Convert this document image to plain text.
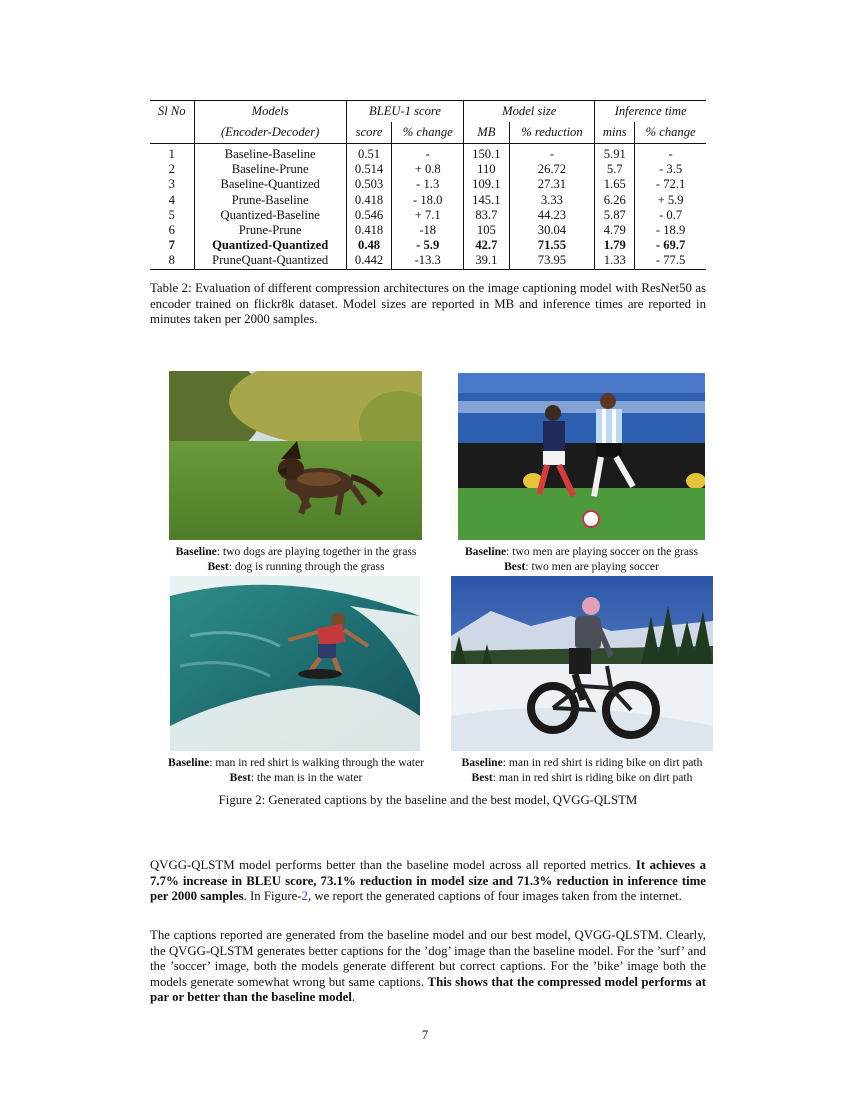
Sl No	Models	BLEU-1 score		Model size		Inference time	
	(Encoder-Decoder)	score	% change	MB	% reduction	mins	% change
1	Baseline-Baseline	0.51	-	150.1	-	5.91	-
2	Baseline-Prune	0.514	+ 0.8	110	26.72	5.7	- 3.5
3	Baseline-Quantized	0.503	- 1.3	109.1	27.31	1.65	- 72.1
4	Prune-Baseline	0.418	- 18.0	145.1	3.33	6.26	+ 5.9
5	Quantized-Baseline	0.546	+ 7.1	83.7	44.23	5.87	- 0.7
6	Prune-Prune	0.418	-18	105	30.04	4.79	- 18.9
7	Quantized-Quantized	0.48	- 5.9	42.7	71.55	1.79	- 69.7
8	PruneQuant-Quantized	0.442	-13.3	39.1	73.95	1.33	- 77.5

Table 2: Evaluation of different compression architectures on the image captioning model with ResNet50 as encoder trained on flickr8k dataset. Model sizes are reported in MB and inference times are reported in minutes taken per 2000 samples.

Baseline: two dogs are playing together in the grass
Best: dog is running through the grass
Baseline: two men are playing soccer on the grass
Best: two men are playing soccer
Baseline: man in red shirt is walking through the water
Best: the man is in the water
Baseline: man in red shirt is riding bike on dirt path
Best: man in red shirt is riding bike on dirt path

Figure 2: Generated captions by the baseline and the best model, QVGG-QLSTM

QVGG-QLSTM model performs better than the baseline model across all reported metrics. It achieves a 7.7% increase in BLEU score, 73.1% reduction in model size and 71.3% reduction in inference time per 2000 samples. In Figure-2, we report the generated captions of four images taken from the internet.

The captions reported are generated from the baseline model and our best model, QVGG-QLSTM. Clearly, the QVGG-QLSTM generates better captions for the ’dog’ image than the baseline model. For the ’surf’ and the ’soccer’ image, both the models generate different but correct captions. For the ’bike’ image both the models generate somewhat wrong but same captions. This shows that the compressed model performs at par or better than the baseline model.

7
